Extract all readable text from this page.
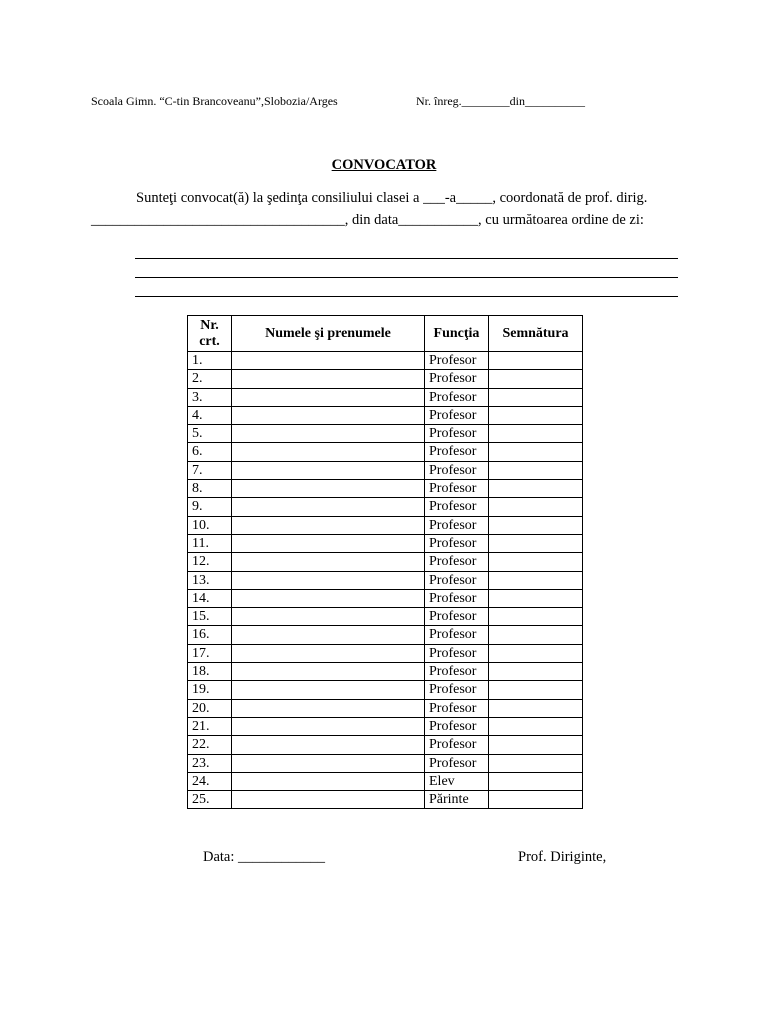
Scoala Gimn. “C-tin Brancoveanu”,Slobozia/Arges	Nr. înreg.________din__________
CONVOCATOR
Sunteţi convocat(ă) la şedinţa consiliului clasei a ___-a_____, coordonată de prof. dirig.
___________________________________, din data___________, cu următoarea ordine de zi:
Nr. crt.	Numele şi prenumele	Funcţia	Semnătura
1.		Profesor	
2.		Profesor	
3.		Profesor	
4.		Profesor	
5.		Profesor	
6.		Profesor	
7.		Profesor	
8.		Profesor	
9.		Profesor	
10.		Profesor	
11.		Profesor	
12.		Profesor	
13.		Profesor	
14.		Profesor	
15.		Profesor	
16.		Profesor	
17.		Profesor	
18.		Profesor	
19.		Profesor	
20.		Profesor	
21.		Profesor	
22.		Profesor	
23.		Profesor	
24.		Elev	
25.		Părinte	
Data: ____________	Prof. Diriginte,
